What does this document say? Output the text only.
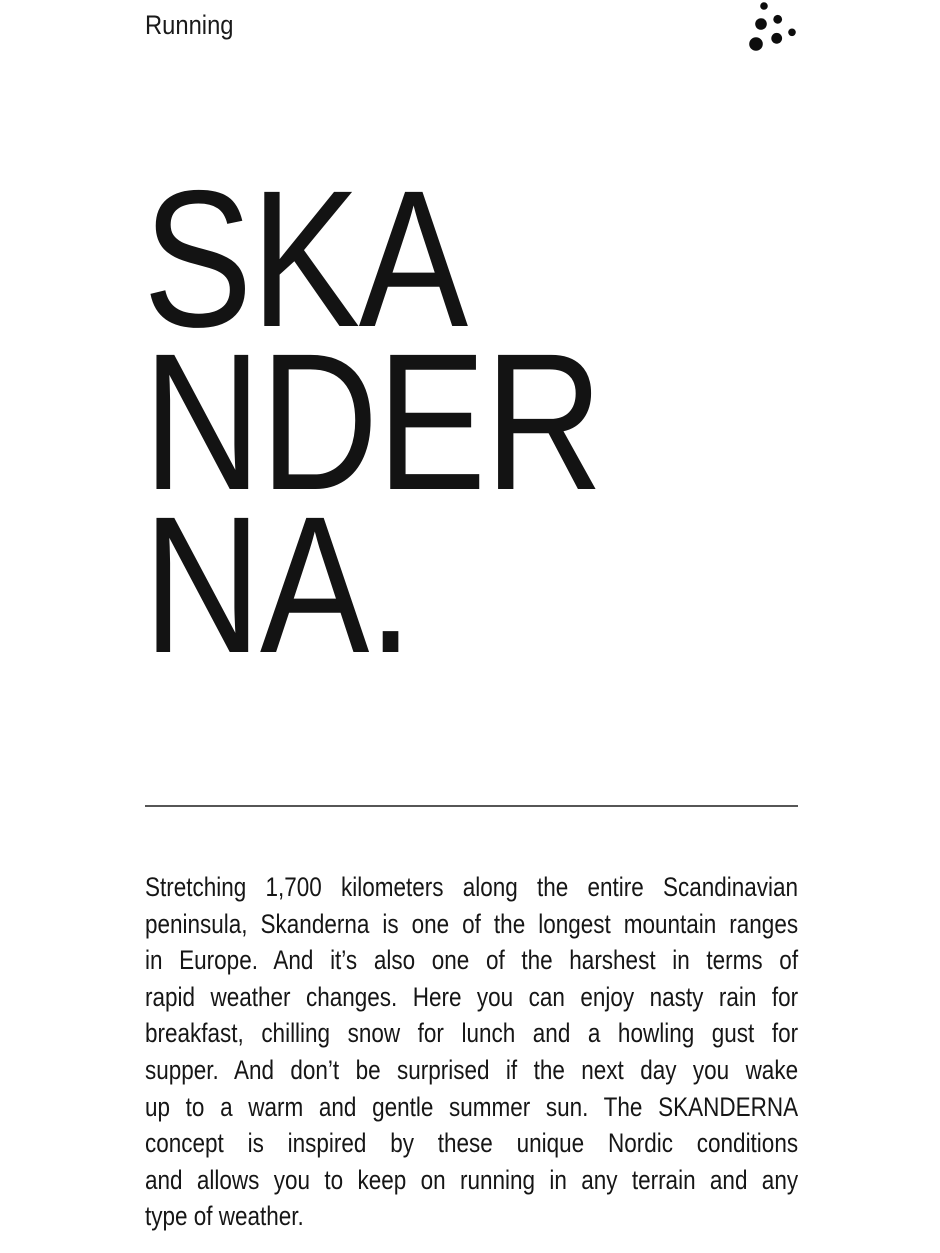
Running
SKA
NDER
NA.
Stretching 1,700 kilometers along the entire Scandinavian
peninsula, Skanderna is one of the longest mountain ranges
in Europe. And it’s also one of the harshest in terms of
rapid weather changes. Here you can enjoy nasty rain for
breakfast, chilling snow for lunch and a howling gust for
supper. And don’t be surprised if the next day you wake
up to a warm and gentle summer sun. The SKANDERNA
concept is inspired by these unique Nordic conditions
and allows you to keep on running in any terrain and any
type of weather.
